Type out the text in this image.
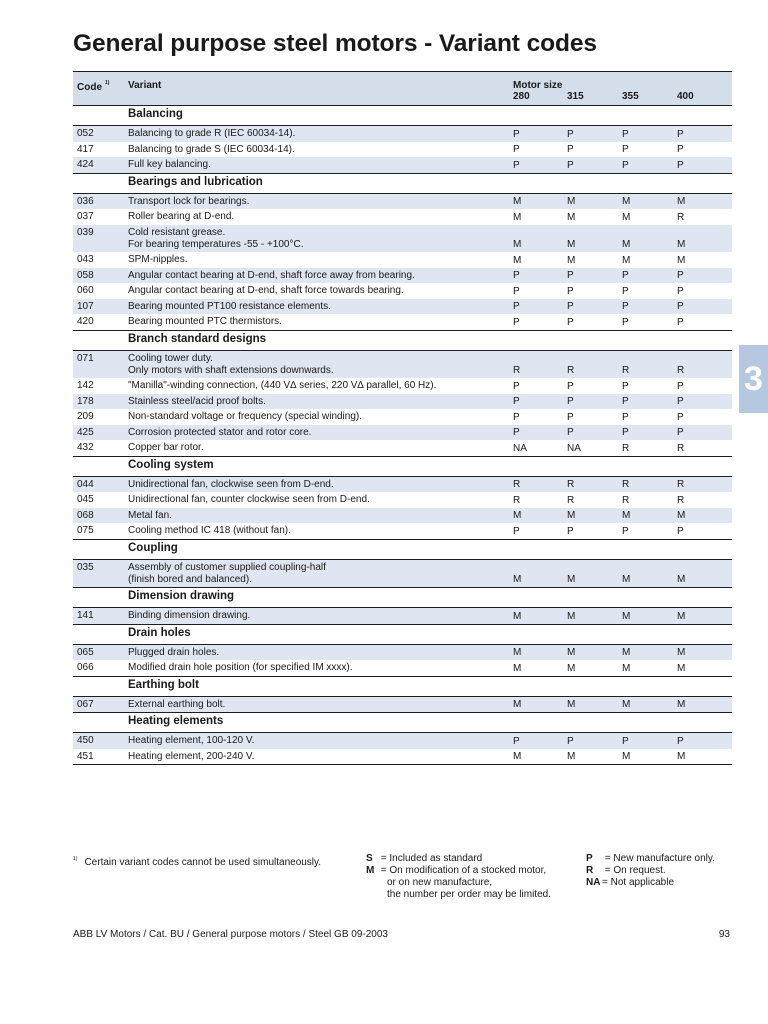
General purpose steel motors - Variant codes
Code $^{1)}$ Variant	Motor size
280	315	355	400
Balancing
052	Balancing to grade R (IEC 60034-14).	P	P	P	P
417	Balancing to grade S (IEC 60034-14).	P	P	P	P
424	Full key balancing.	P	P	P	P
Bearings and lubrication
036	Transport lock for bearings.	M	M	M	M
037	Roller bearing at D-end.	M	M	M	R
039	Cold resistant grease.
For bearing temperatures -55 - +100°C.	M	M	M	M
043	SPM-nipples.	M	M	M	M
058	Angular contact bearing at D-end, shaft force away from bearing.	P	P	P	P
060	Angular contact bearing at D-end, shaft force towards bearing.	P	P	P	P
107	Bearing mounted PT100 resistance elements.	P	P	P	P
420	Bearing mounted PTC thermistors.	P	P	P	P
Branch standard designs
071	Cooling tower duty.
Only motors with shaft extensions downwards.	R	R	R	R
142	"Manilla"-winding connection, (440 V∆ series, 220 V∆ parallel, 60 Hz).	P	P	P	P
178	Stainless steel/acid proof bolts.	P	P	P	P
209	Non-standard voltage or frequency (special winding).	P	P	P	P
425	Corrosion protected stator and rotor core.	P	P	P	P
432	Copper bar rotor.	NA	NA	R	R
Cooling system
044	Unidirectional fan, clockwise seen from D-end.	R	R	R	R
045	Unidirectional fan, counter clockwise seen from D-end.	R	R	R	R
068	Metal fan.	M	M	M	M
075	Cooling method IC 418 (without fan).	P	P	P	P
Coupling
035	Assembly of customer supplied coupling-half
(finish bored and balanced).	M	M	M	M
Dimension drawing
141	Binding dimension drawing.	M	M	M	M
Drain holes
065	Plugged drain holes.	M	M	M	M
066	Modified drain hole position (for specified IM xxxx).	M	M	M	M
Earthing bolt
067	External earthing bolt.	M	M	M	M
Heating elements
450	Heating element, 100-120 V.	P	P	P	P
451	Heating element, 200-240 V.	M	M	M	M
3
$^{1)}$ Certain variant codes cannot be used simultaneously.	S = Included as standard
M = On modification of a stocked motor,
or on new manufacture,
the number per order may be limited.
P = New manufacture only.
R = On request.
NA = Not applicable
ABB LV Motors / Cat. BU / General purpose motors / Steel GB 09-2003	93
